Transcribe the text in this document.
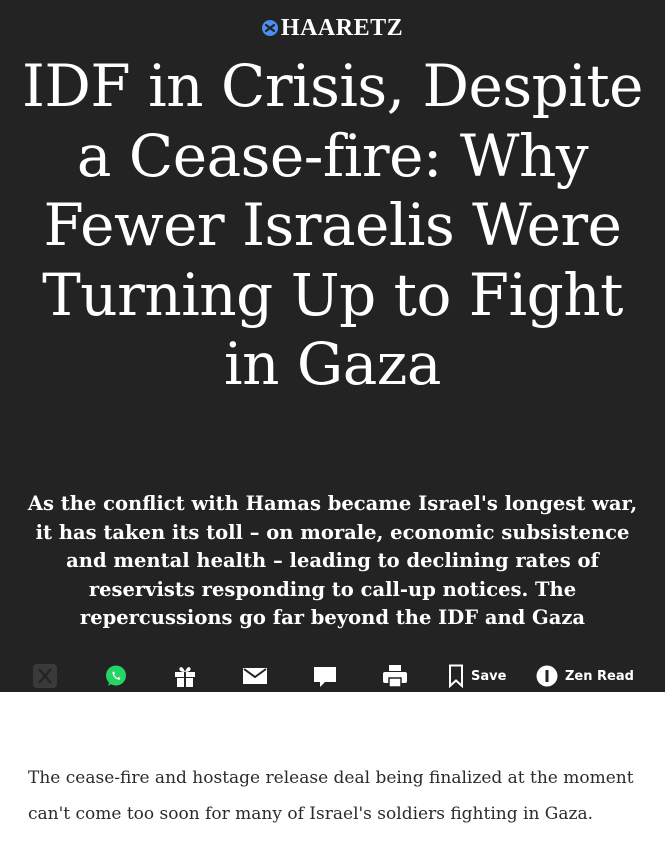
HAARETZ
IDF in Crisis, Despite a Cease-fire: Why Fewer Israelis Were Turning Up to Fight in Gaza

As the conflict with Hamas became Israel's longest war, it has taken its toll – on morale, economic subsistence and mental health – leading to declining rates of reservists responding to call-up notices. The repercussions go far beyond the IDF and Gaza

Save	Zen Read

The cease-fire and hostage release deal being finalized at the moment can't come too soon for many of Israel's soldiers fighting in Gaza.
